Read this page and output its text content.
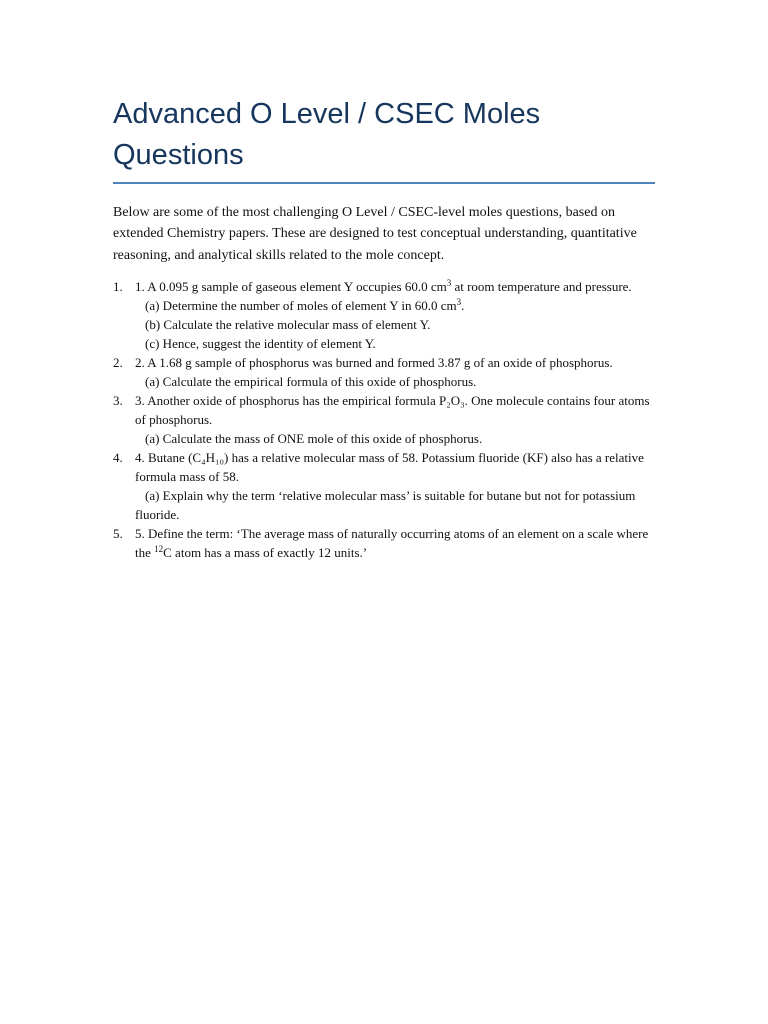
Advanced O Level / CSEC Moles Questions

Below are some of the most challenging O Level / CSEC-level moles questions, based on extended Chemistry papers. These are designed to test conceptual understanding, quantitative reasoning, and analytical skills related to the mole concept.

1. 1. A 0.095 g sample of gaseous element Y occupies 60.0 $cm^3$ at room temperature and pressure.
(a) Determine the number of moles of element Y in 60.0 $cm^3$.
(b) Calculate the relative molecular mass of element Y.
(c) Hence, suggest the identity of element Y.
2. 2. A 1.68 g sample of phosphorus was burned and formed 3.87 g of an oxide of phosphorus.
(a) Calculate the empirical formula of this oxide of phosphorus.
3. 3. Another oxide of phosphorus has the empirical formula P₂O₃. One molecule contains four atoms of phosphorus.
(a) Calculate the mass of ONE mole of this oxide of phosphorus.
4. 4. Butane (C₄H₁₀) has a relative molecular mass of 58. Potassium fluoride (KF) also has a relative formula mass of 58.
(a) Explain why the term ‘relative molecular mass’ is suitable for butane but not for potassium fluoride.
5. 5. Define the term: ‘The average mass of naturally occurring atoms of an element on a scale where the $^{12}$C atom has a mass of exactly 12 units.’
